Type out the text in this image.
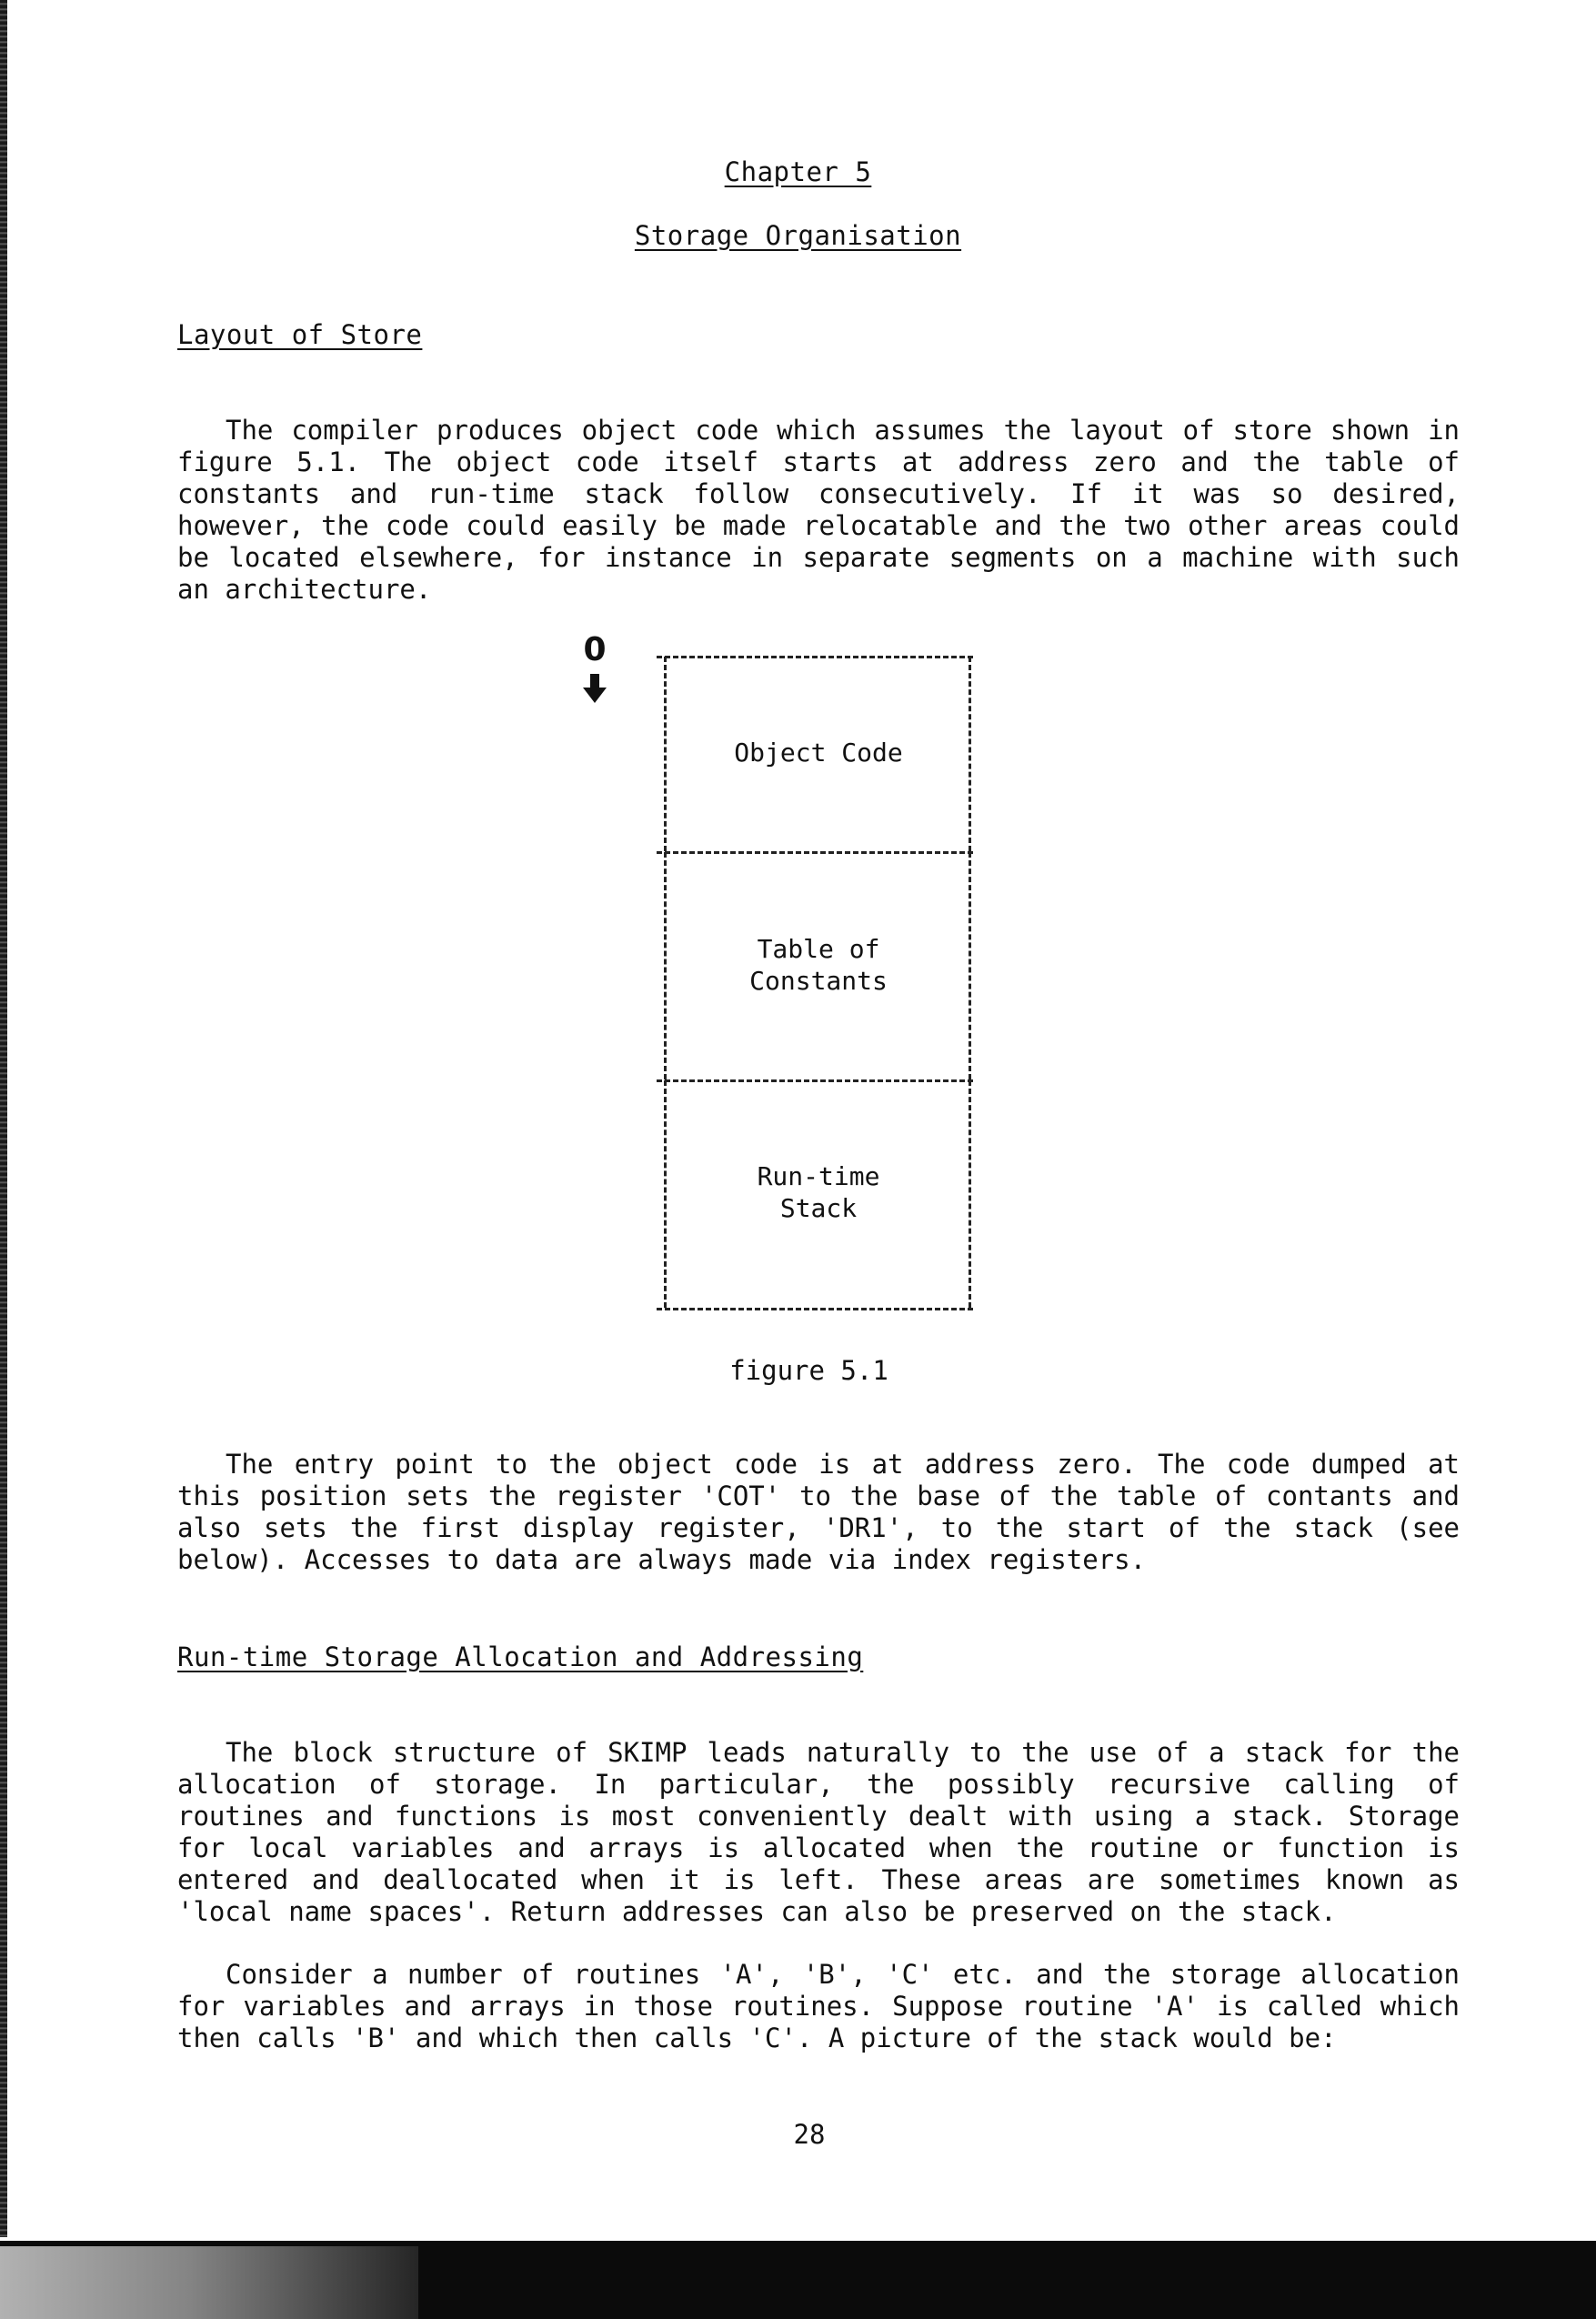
Chapter 5
Storage Organisation
Layout of Store
The compiler produces object code which assumes the layout of store shown in
figure 5.1. The object code itself starts at address zero and the table of
constants and run-time stack follow consecutively. If it was so desired,
however, the code could easily be made relocatable and the two other areas could
be located elsewhere, for instance in separate segments on a machine with such
an architecture.
0
Object Code
Table of
Constants
Run-time
Stack
figure 5.1
The entry point to the object code is at address zero. The code dumped at
this position sets the register 'COT' to the base of the table of contants and
also sets the first display register, 'DR1', to the start of the stack (see
below). Accesses to data are always made via index registers.
Run-time Storage Allocation and Addressing
The block structure of SKIMP leads naturally to the use of a stack for the
allocation of storage. In particular, the possibly recursive calling of
routines and functions is most conveniently dealt with using a stack. Storage
for local variables and arrays is allocated when the routine or function is
entered and deallocated when it is left. These areas are sometimes known as
'local name spaces'. Return addresses can also be preserved on the stack.
Consider a number of routines 'A', 'B', 'C' etc. and the storage allocation
for variables and arrays in those routines. Suppose routine 'A' is called which
then calls 'B' and which then calls 'C'. A picture of the stack would be:
28
